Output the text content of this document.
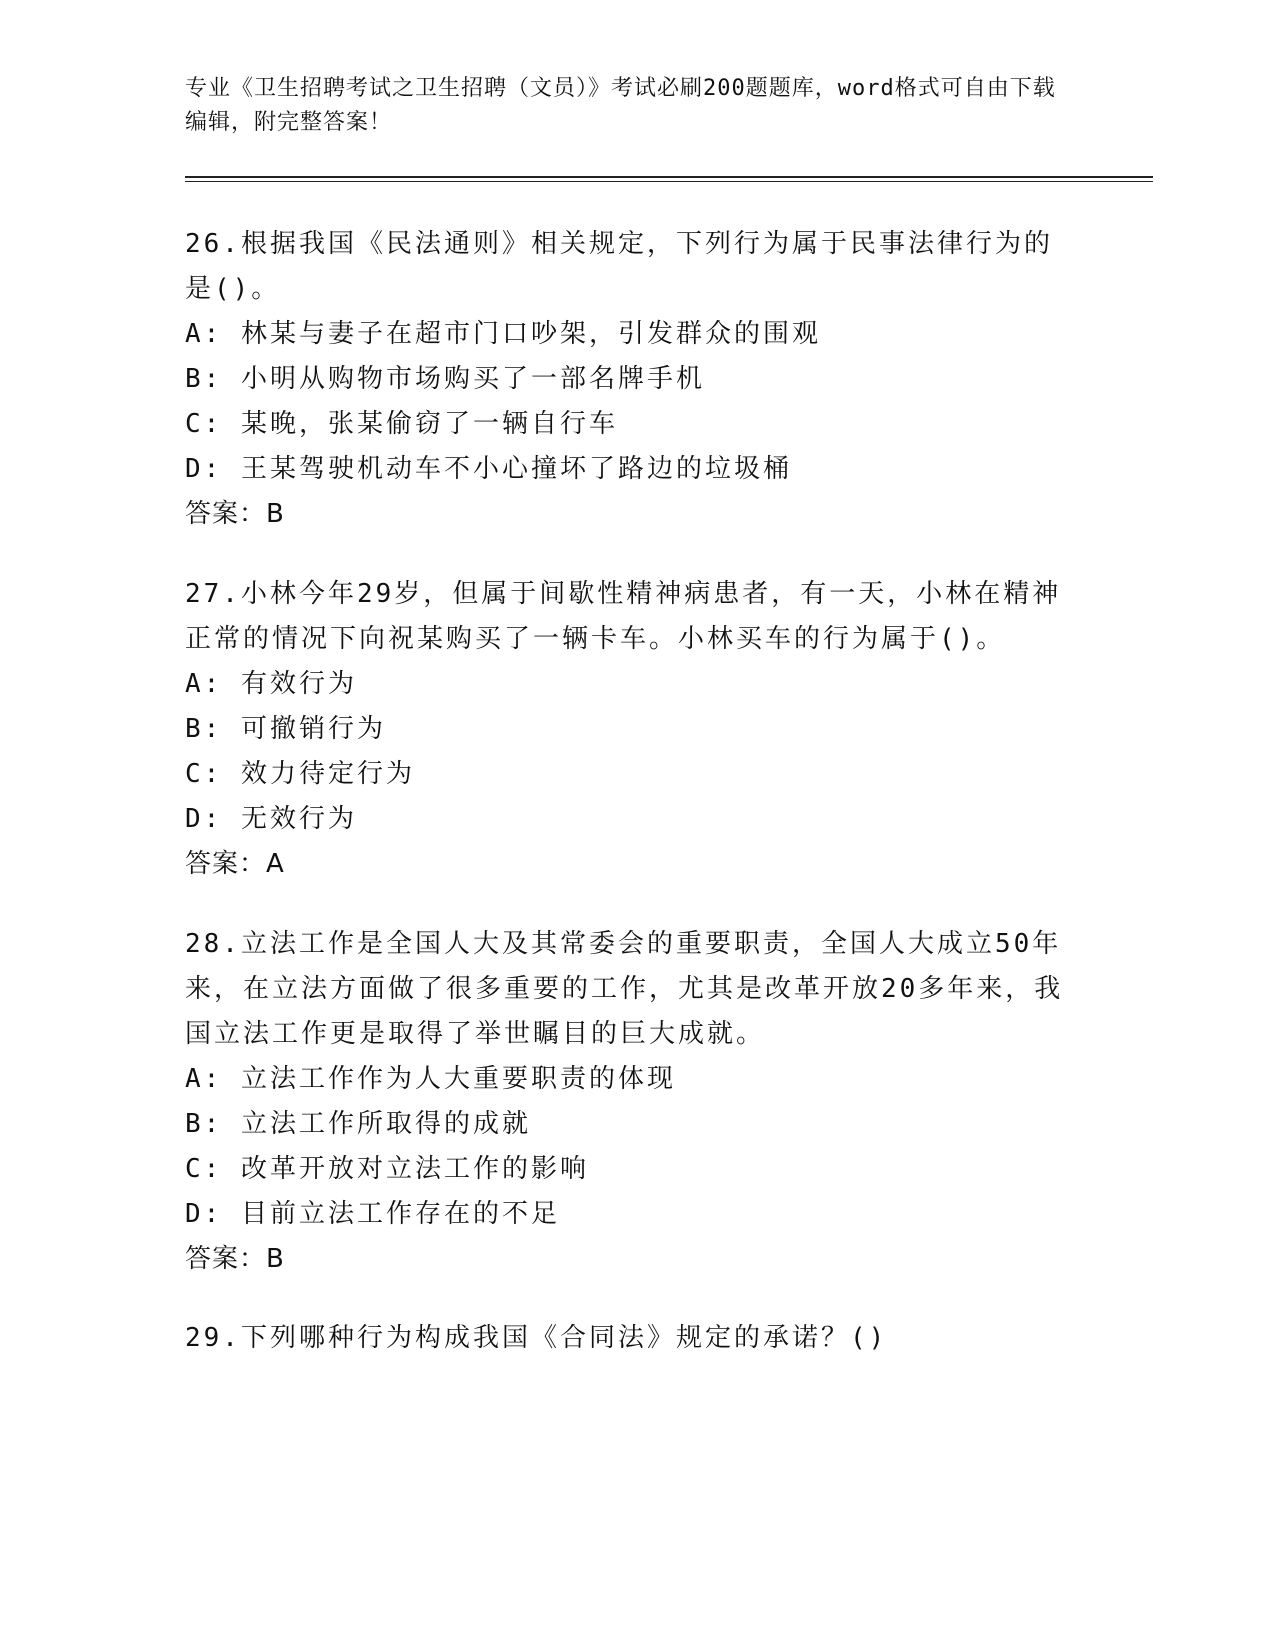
专业《卫生招聘考试之卫生招聘（文员）》考试必刷200题题库，word格式可自由下载编辑，附完整答案！

26.根据我国《民法通则》相关规定，下列行为属于民事法律行为的是()。

A: 林某与妻子在超市门口吵架，引发群众的围观

B: 小明从购物市场购买了一部名牌手机

C: 某晚，张某偷窃了一辆自行车

D: 王某驾驶机动车不小心撞坏了路边的垃圾桶

答案：B

27.小林今年29岁，但属于间歇性精神病患者，有一天，小林在精神正常的情况下向祝某购买了一辆卡车。小林买车的行为属于()。

A: 有效行为

B: 可撤销行为

C: 效力待定行为

D: 无效行为

答案：A

28.立法工作是全国人大及其常委会的重要职责，全国人大成立50年来，在立法方面做了很多重要的工作，尤其是改革开放20多年来，我国立法工作更是取得了举世瞩目的巨大成就。

A: 立法工作作为人大重要职责的体现

B: 立法工作所取得的成就

C: 改革开放对立法工作的影响

D: 目前立法工作存在的不足

答案：B

29.下列哪种行为构成我国《合同法》规定的承诺？()
